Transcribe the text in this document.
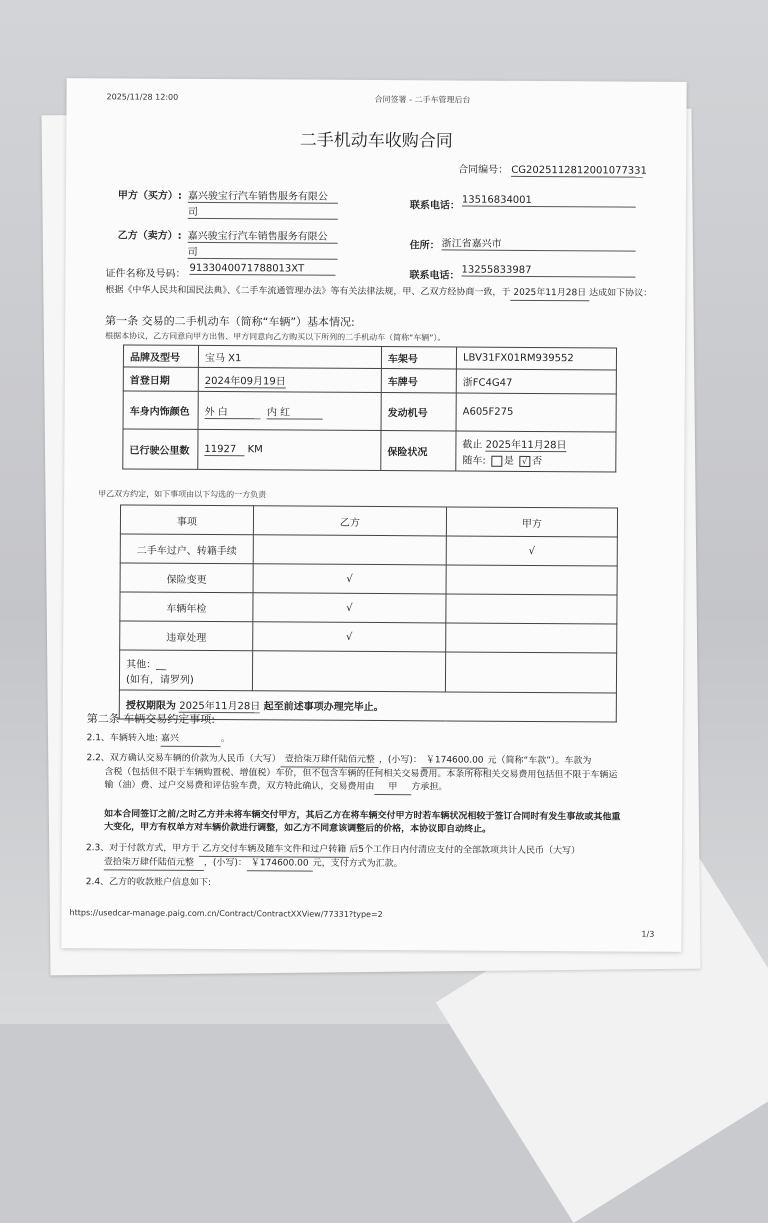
2025/11/28 12:00	合同签署 - 二手车管理后台
二手机动车收购合同
合同编号： CG2025112812001077331
甲方（买方）: 嘉兴骏宝行汽车销售服务有限公 司
联系电话： 13516834001
乙方（卖方）: 嘉兴骏宝行汽车销售服务有限公 司
住所： 浙江省嘉兴市
证件名称及号码： 9133040071788013XT
联系电话： 13255833987

根据《中华人民共和国民法典》、《二手车流通管理办法》等有关法律法规，甲、乙双方经协商一致，于 2025年11月28日 达成如下协议：

第一条 交易的二手机动车（简称“车辆”）基本情况:
根据本协议，乙方同意向甲方出售、甲方同意向乙方购买以下所列的二手机动车（简称“车辆”）。
品牌及型号	宝马 X1	车架号	LBV31FX01RM939552
首登日期	2024年09月19日	车牌号	浙FC4G47
车身内饰颜色	外 白 内 红	发动机号	A605F275
已行驶公里数	11927 KM	保险状况	截止 2025年11月28日
随车: 是 √ 否
甲乙双方约定，如下事项由以下勾选的一方负责
事项	乙方	甲方
二手车过户、转籍手续		√
保险变更	√	
车辆年检	√	
违章处理	√	

其他：__
(如有，请罗列)		

授权期限为 2025年11月28日 起至前述事项办理完毕止。		
第二条 车辆交易约定事项:

2.1、车辆转入地: 嘉兴	。

2.2、双方确认交易车辆的价款为人民币（大写） 壹拾柒万肆仟陆佰元整 ，(小写)： ￥174600.00 元（简称“车款”）。车款为
含税（包括但不限于车辆购置税、增值税）车价，但不包含车辆的任何相关交易费用。本条所称相关交易费用包括但不限于车辆运
输（油）费、过户交易费和评估验车费，双方特此确认，交易费用由 甲 方承担。

如本合同签订之前/之时乙方并未将车辆交付甲方，其后乙方在将车辆交付甲方时若车辆状况相较于签订合同时有发生事故或其他重
大变化，甲方有权单方对车辆价款进行调整，如乙方不同意该调整后的价格，本协议即自动终止。

2.3、对于付款方式，甲方于 乙方交付车辆及随车文件和过户转籍 后5个工作日内付清应支付的全部款项共计人民币（大写）
壹拾柒万肆仟陆佰元整 ，(小写)： ￥174600.00 元，支付方式为汇款。

2.4、乙方的收款账户信息如下:

https://usedcar-manage.paig.com.cn/Contract/ContractXXView/77331?type=2
1/3
